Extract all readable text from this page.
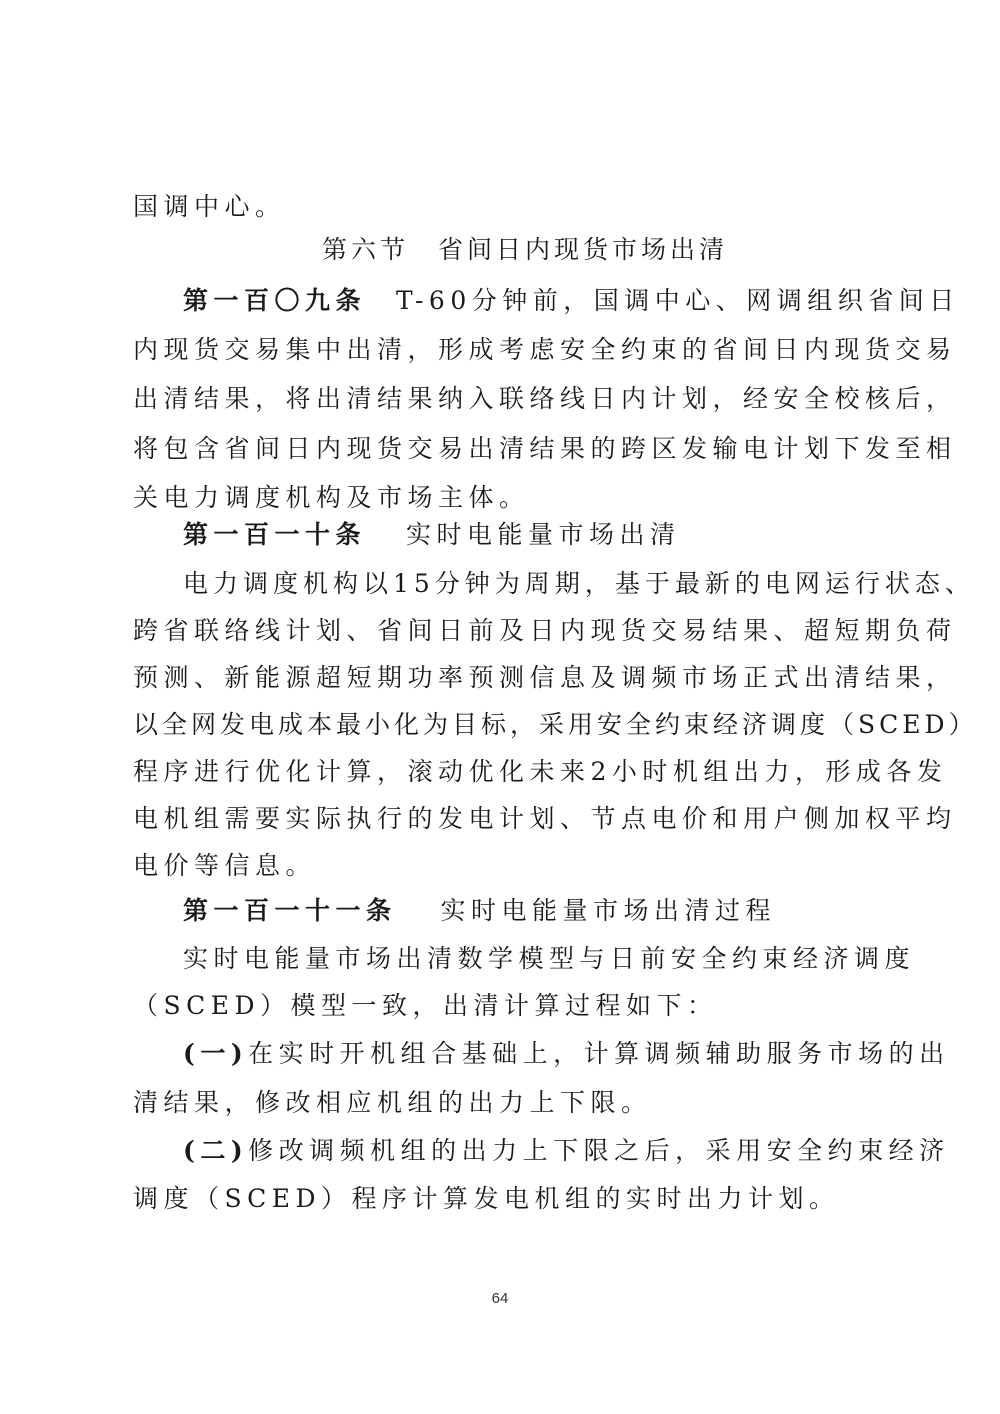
国调中心。
第六节　省间日内现货市场出清
第一百〇九条 T-60分钟前，国调中心、网调组织省间日
内现货交易集中出清，形成考虑安全约束的省间日内现货交易
出清结果，将出清结果纳入联络线日内计划，经安全校核后，
将包含省间日内现货交易出清结果的跨区发输电计划下发至相
关电力调度机构及市场主体。
第一百一十条 实时电能量市场出清
电力调度机构以15分钟为周期，基于最新的电网运行状态、
跨省联络线计划、省间日前及日内现货交易结果、超短期负荷
预测、新能源超短期功率预测信息及调频市场正式出清结果，
以全网发电成本最小化为目标，采用安全约束经济调度（SCED）
程序进行优化计算，滚动优化未来2小时机组出力，形成各发
电机组需要实际执行的发电计划、节点电价和用户侧加权平均
电价等信息。
第一百一十一条 实时电能量市场出清过程
实时电能量市场出清数学模型与日前安全约束经济调度
（SCED）模型一致，出清计算过程如下：
(一)在实时开机组合基础上，计算调频辅助服务市场的出
清结果，修改相应机组的出力上下限。
(二)修改调频机组的出力上下限之后，采用安全约束经济
调度（SCED）程序计算发电机组的实时出力计划。
64
